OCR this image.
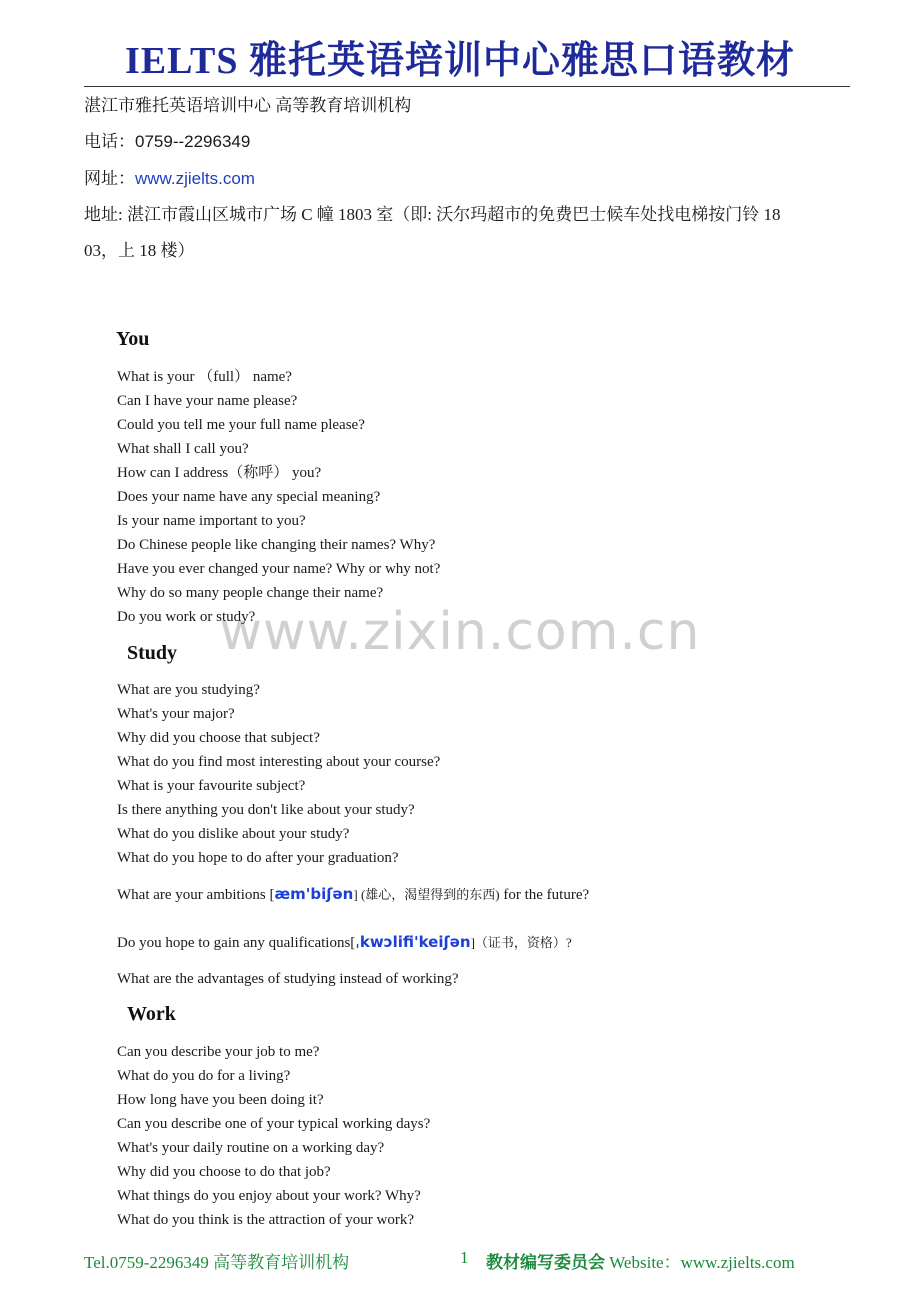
IELTS 雅托英语培训中心雅思口语教材
湛江市雅托英语培训中心 高等教育培训机构
电话：0759--2296349
网址：www.zjielts.com
地址: 湛江市霞山区城市广场 C 幢 1803 室（即: 沃尔玛超市的免费巴士候车处找电梯按门铃 18
03，上 18 楼）
www.zixin.com.cn
You
What is your （full） name?
Can I have your name please?
Could you tell me your full name please?
What shall I call you?
How can I address（称呼） you?
Does your name have any special meaning?
Is your name important to you?
Do Chinese people like changing their names? Why?
Have you ever changed your name? Why or why not?
Why do so many people change their name?
Do you work or study?
Study
What are you studying?
What's your major?
Why did you choose that subject?
What do you find most interesting about your course?
What is your favourite subject?
Is there anything you don't like about your study?
What do you dislike about your study?
What do you hope to do after your graduation?
What are your ambitions [æm'biʃən] (雄心，渴望得到的东西) for the future?
Do you hope to gain any qualifications[ˌkwɔlifi'keiʃən]（证书，资格）?
What are the advantages of studying instead of working?
Work
Can you describe your job to me?
What do you do for a living?
How long have you been doing it?
Can you describe one of your typical working days?
What's your daily routine on a working day?
Why did you choose to do that job?
What things do you enjoy about your work? Why?
What do you think is the attraction of your work?
Tel.0759-2296349 高等教育培训机构	1 教材编写委员会 Website：www.zjielts.com
